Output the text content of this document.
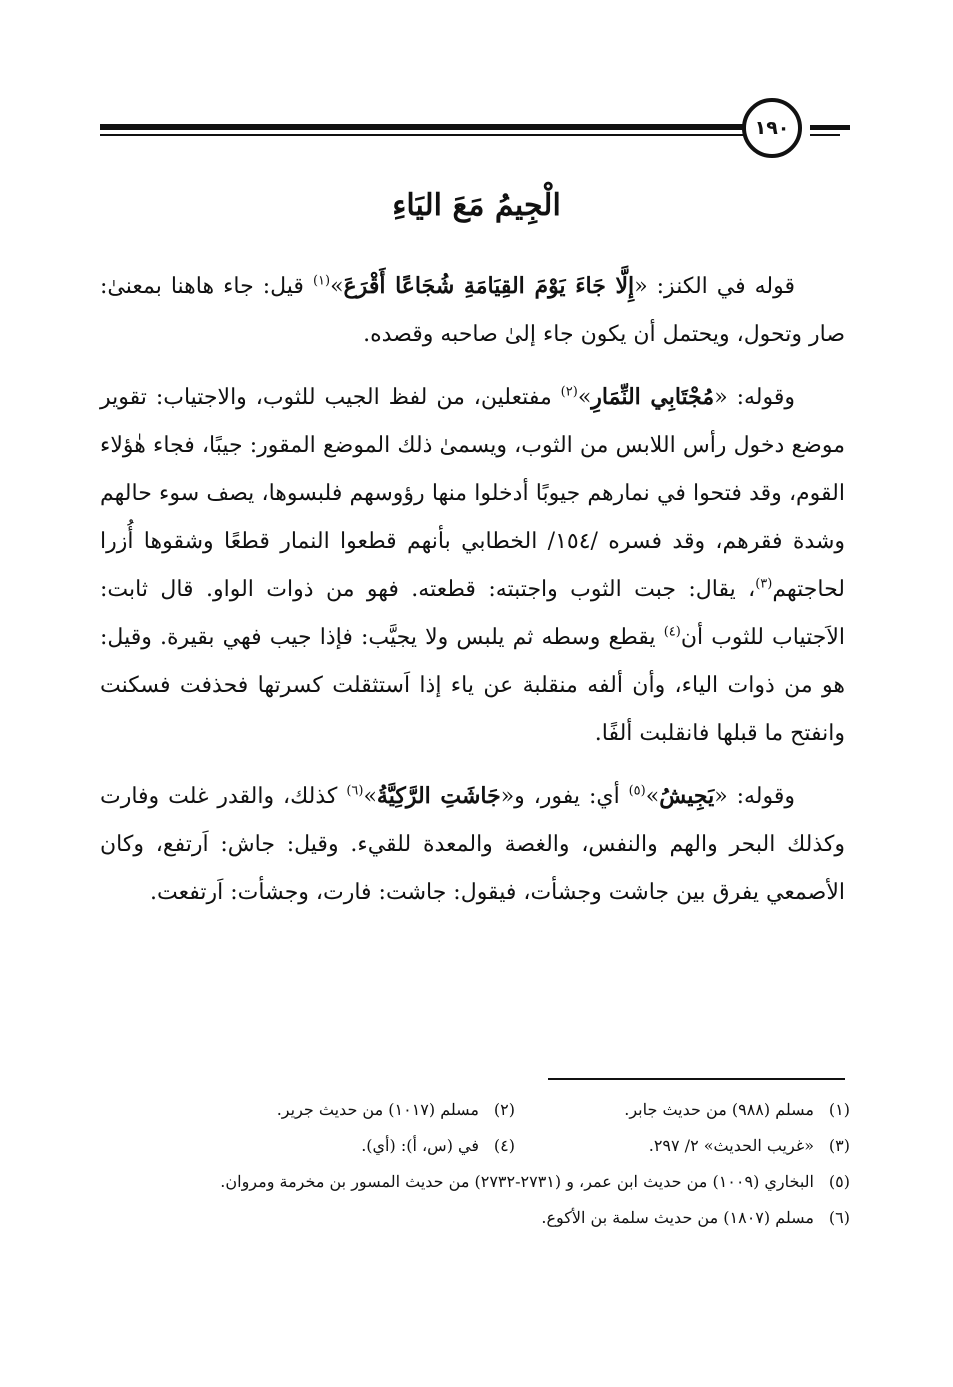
١٩٠
الْجِيمُ مَعَ اليَاءِ

قوله في الكنز: «إِلَّا جَاءَ يَوْمَ القِيَامَةِ شُجَاعًا أَقْرَعَ»$^{(١)}$ قيل: جاء هاهنا بمعنىٰ: صار وتحول، ويحتمل أن يكون جاء إلىٰ صاحبه وقصده.

وقوله: «مُجْتَابِي النِّمَارِ»$^{(٢)}$ مفتعلين، من لفظ الجيب للثوب، والاجتياب: تقوير موضع دخول رأس اللابس من الثوب، ويسمىٰ ذلك الموضع المقور: جيبًا، فجاء هٰؤلاء القوم، وقد فتحوا في نمارهم جيوبًا أدخلوا منها رؤوسهم فلبسوها، يصف سوء حالهم وشدة فقرهم، وقد فسره /١٥٤/ الخطابي بأنهم قطعوا النمار قطعًا وشقوها أُزرا لحاجتهم$^{(٣)}$، يقال: جبت الثوب واجتبته: قطعته. فهو من ذوات الواو. قال ثابت: الاَجتياب للثوب أن$^{(٤)}$ يقطع وسطه ثم يلبس ولا يجيَّب: فإذا جيب فهي بقيرة. وقيل: هو من ذوات الياء، وأن ألفه منقلبة عن ياء إذا اَستثقلت كسرتها فحذفت فسكنت وانفتح ما قبلها فانقلبت ألفًا.

وقوله: «يَجِيشُ»$^{(٥)}$ أي: يفور، و«جَاشَتِ الرَّكِيَّةُ»$^{(٦)}$ كذلك، والقدر غلت وفارت وكذلك البحر والهم والنفس، والغصة والمعدة للقيء. وقيل: جاش: اَرتفع، وكان الأصمعي يفرق بين جاشت وجشأت، فيقول: جاشت: فارت، وجشأت: اَرتفعت.

(١)
مسلم (٩٨٨) من حديث جابر.
(٢)
مسلم (١٠١٧) من حديث جرير.
(٣)
«غريب الحديث» ٢/ ٢٩٧.
(٤)
في (س، أ): (أي).
(٥)
البخاري (١٠٠٩) من حديث ابن عمر، و (٢٧٣١-٢٧٣٢) من حديث المسور بن مخرمة ومروان.
(٦)
مسلم (١٨٠٧) من حديث سلمة بن الأكوع.
